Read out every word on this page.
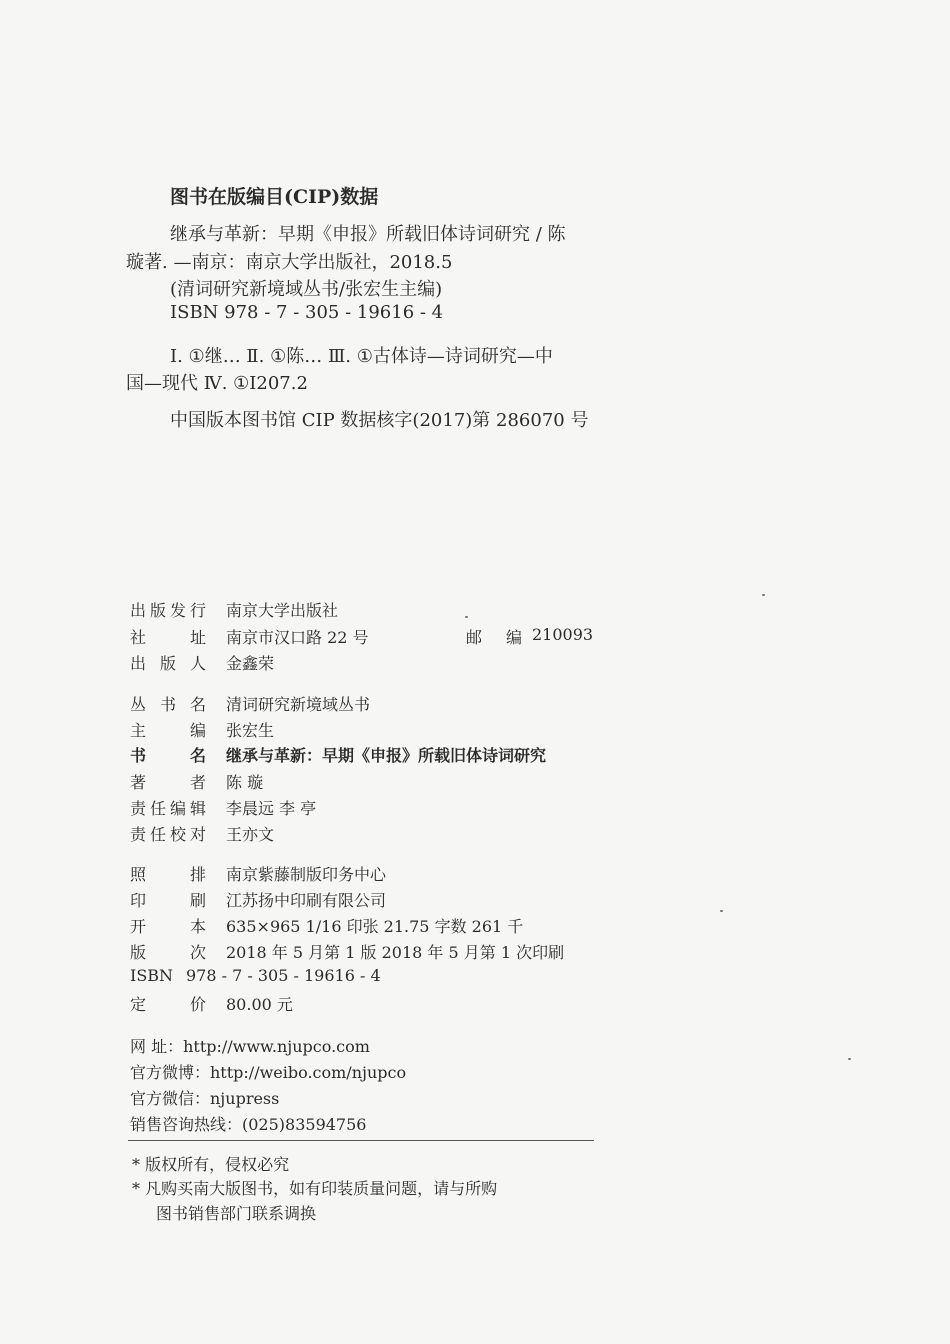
图书在版编目(CIP)数据
继承与革新：早期《申报》所载旧体诗词研究 / 陈
璇著. —南京：南京大学出版社，2018.5
(清词研究新境域丛书/张宏生主编)
ISBN 978 - 7 - 305 - 19616 - 4
Ⅰ. ①继… Ⅱ. ①陈… Ⅲ. ①古体诗—诗词研究—中
国—现代 Ⅳ. ①I207.2
中国版本图书馆 CIP 数据核字(2017)第 286070 号
出版发行 南京大学出版社
社 址 南京市汉口路 22 号	邮 编 210093
出 版 人 金鑫荣
丛 书 名 清词研究新境域丛书
主 编 张宏生
书 名 继承与革新：早期《申报》所载旧体诗词研究
著 者 陈 璇
责任编辑 李晨远 李 亭
责任校对 王亦文
照 排 南京紫藤制版印务中心
印 刷 江苏扬中印刷有限公司
开 本 635×965 1/16 印张 21.75 字数 261 千
版 次 2018 年 5 月第 1 版 2018 年 5 月第 1 次印刷
ISBN 978 - 7 - 305 - 19616 - 4
定 价 80.00 元
网 址：http://www.njupco.com
官方微博：http://weibo.com/njupco
官方微信：njupress
销售咨询热线：(025)83594756
* 版权所有，侵权必究
* 凡购买南大版图书，如有印装质量问题，请与所购
图书销售部门联系调换
